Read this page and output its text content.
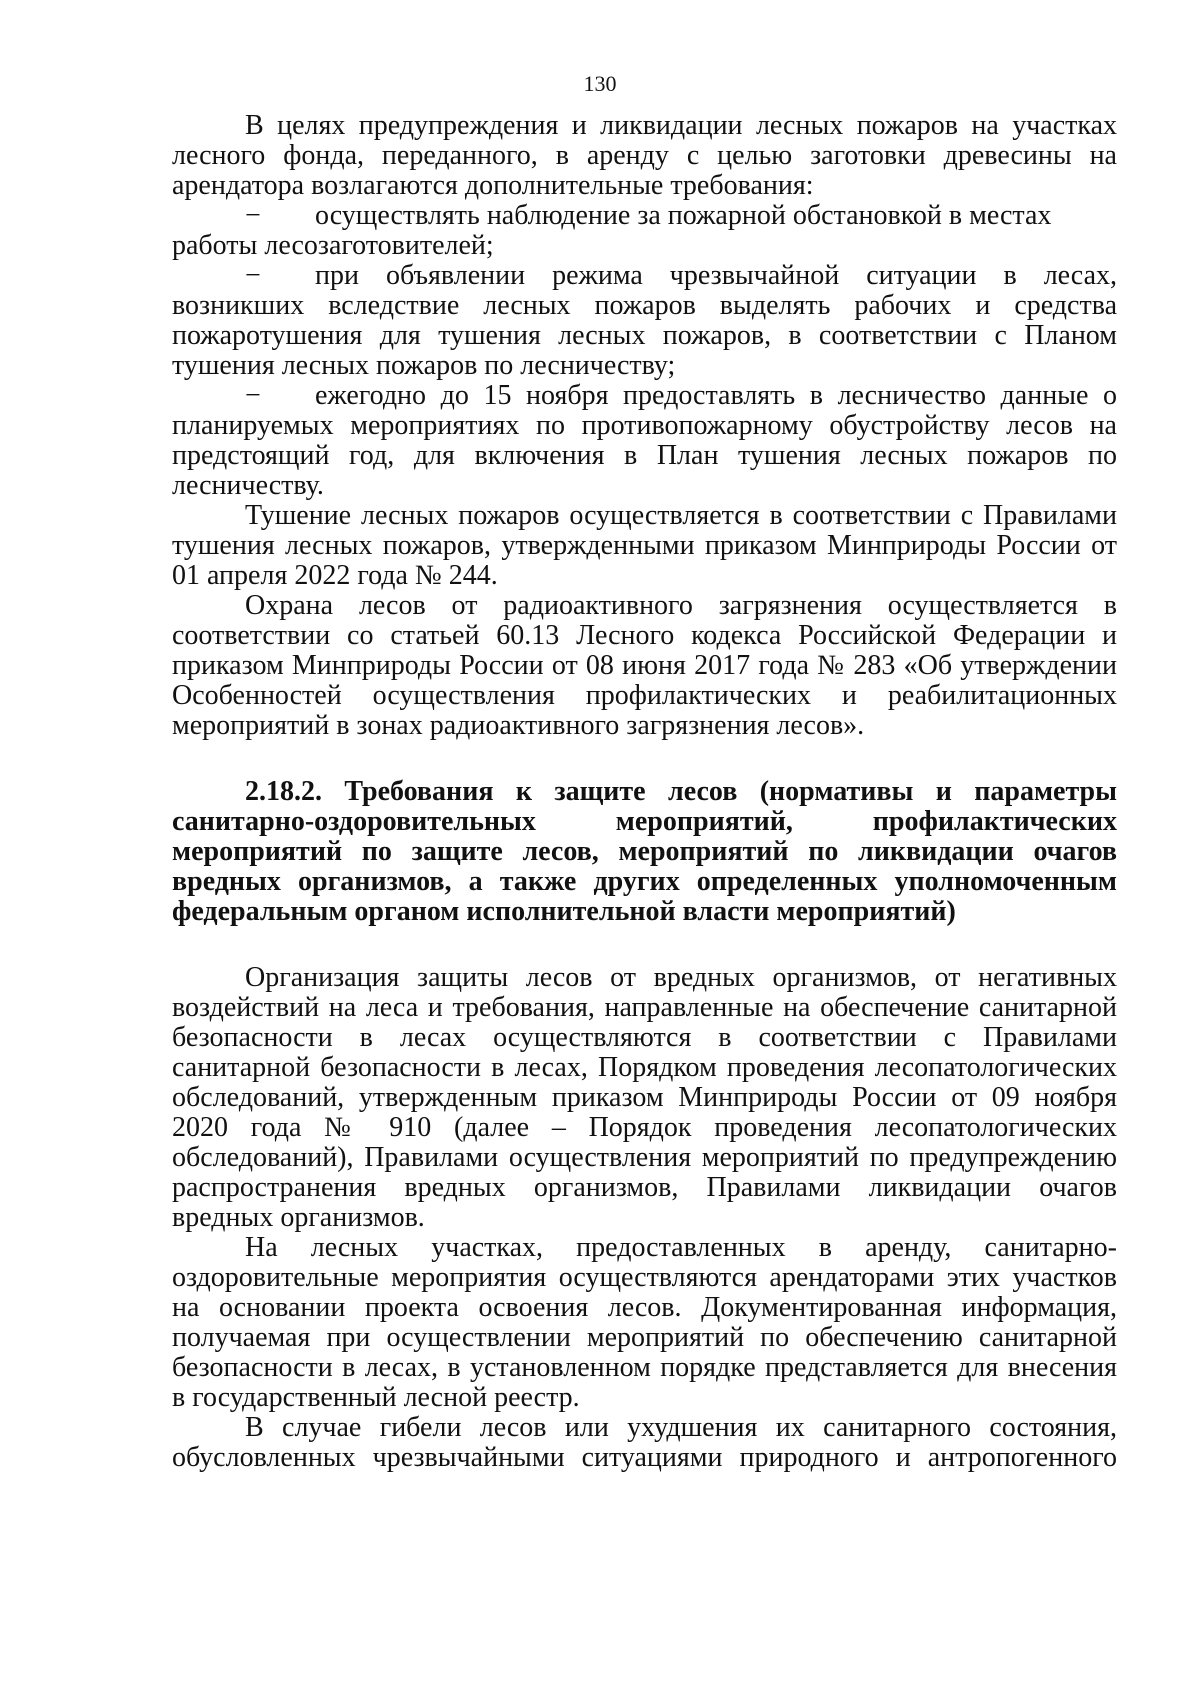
130

В целях предупреждения и ликвидации лесных пожаров на участках лесного фонда, переданного, в аренду с целью заготовки древесины на арендатора возлагаются дополнительные требования:

− осуществлять наблюдение за пожарной обстановкой в местах работы лесозаготовителей;
− при объявлении режима чрезвычайной ситуации в лесах, возникших вследствие лесных пожаров выделять рабочих и средства пожаротушения для тушения лесных пожаров, в соответствии с Планом тушения лесных пожаров по лесничеству;
− ежегодно до 15 ноября предоставлять в лесничество данные о планируемых мероприятиях по противопожарному обустройству лесов на предстоящий год, для включения в План тушения лесных пожаров по лесничеству.

Тушение лесных пожаров осуществляется в соответствии с Правилами тушения лесных пожаров, утвержденными приказом Минприроды России от 01 апреля 2022 года № 244.

Охрана лесов от радиоактивного загрязнения осуществляется в соответствии со статьей 60.13 Лесного кодекса Российской Федерации и приказом Минприроды России от 08 июня 2017 года № 283 «Об утверждении Особенностей осуществления профилактических и реабилитационных мероприятий в зонах радиоактивного загрязнения лесов».

2.18.2. Требования к защите лесов (нормативы и параметры санитарно-оздоровительных мероприятий, профилактических мероприятий по защите лесов, мероприятий по ликвидации очагов вредных организмов, а также других определенных уполномоченным федеральным органом исполнительной власти мероприятий)

Организация защиты лесов от вредных организмов, от негативных воздействий на леса и требования, направленные на обеспечение санитарной безопасности в лесах осуществляются в соответствии с Правилами санитарной безопасности в лесах, Порядком проведения лесопатологических обследований, утвержденным приказом Минприроды России от 09 ноября 2020 года № 910 (далее – Порядок проведения лесопатологических обследований), Правилами осуществления мероприятий по предупреждению распространения вредных организмов, Правилами ликвидации очагов вредных организмов.

На лесных участках, предоставленных в аренду, санитарно-оздоровительные мероприятия осуществляются арендаторами этих участков на основании проекта освоения лесов. Документированная информация, получаемая при осуществлении мероприятий по обеспечению санитарной безопасности в лесах, в установленном порядке представляется для внесения в государственный лесной реестр.

В случае гибели лесов или ухудшения их санитарного состояния, обусловленных чрезвычайными ситуациями природного и антропогенного
